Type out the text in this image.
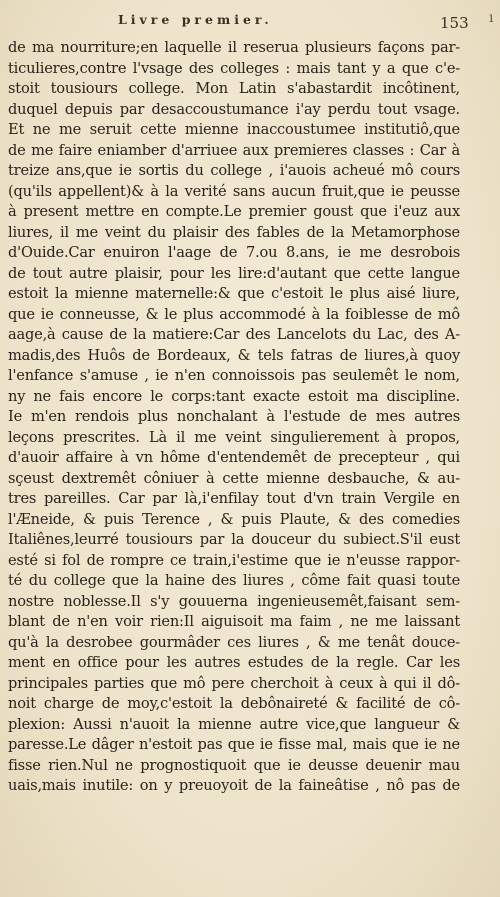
Livre premier.	153 ı
de ma nourriture;en laquelle il reserua plusieurs façons par-
ticulieres,contre l'vsage des colleges : mais tant y a que c'e-
stoit tousiours college. Mon Latin s'abastardit incôtinent,
duquel depuis par desaccoustumance i'ay perdu tout vsage.
Et ne me seruit cette mienne inaccoustumee institutiô,que
de me faire eniamber d'arriuee aux premieres classes : Car à
treize ans,que ie sortis du college , i'auois acheué mô cours
(qu'ils appellent)& à la verité sans aucun fruit,que ie peusse
à present mettre en compte.Le premier goust que i'euz aux
liures, il me veint du plaisir des fables de la Metamorphose
d'Ouide.Car enuiron l'aage de 7.ou 8.ans, ie me desrobois
de tout autre plaisir, pour les lire:d'autant que cette langue
estoit la mienne maternelle:& que c'estoit le plus aisé liure,
que ie conneusse, & le plus accommodé à la foiblesse de mô
aage,à cause de la matiere:Car des Lancelots du Lac, des A-
madis,des Huôs de Bordeaux, & tels fatras de liures,à quoy
l'enfance s'amuse , ie n'en connoissois pas seulemêt le nom,
ny ne fais encore le corps:tant exacte estoit ma discipline.
Ie m'en rendois plus nonchalant à l'estude de mes autres
leçons prescrites. Là il me veint singulierement à propos,
d'auoir affaire à vn hôme d'entendemêt de precepteur , qui
sçeust dextremêt côniuer à cette mienne desbauche, & au-
tres pareilles. Car par là,i'enfilay tout d'vn train Vergile en
l'Æneide, & puis Terence , & puis Plaute, & des comedies
Italiênes,leurré tousiours par la douceur du subiect.S'il eust
esté si fol de rompre ce train,i'estime que ie n'eusse rappor-
té du college que la haine des liures , côme fait quasi toute
nostre noblesse.Il s'y gouuerna ingenieusemêt,faisant sem-
blant de n'en voir rien:Il aiguisoit ma faim , ne me laissant
qu'à la desrobee gourmâder ces liures , & me tenât douce-
ment en office pour les autres estudes de la regle. Car les
principales parties que mô pere cherchoit à ceux à qui il dô-
noit charge de moy,c'estoit la debônaireté & facilité de cô-
plexion: Aussi n'auoit la mienne autre vice,que langueur &
paresse.Le dâger n'estoit pas que ie fisse mal, mais que ie ne
fisse rien.Nul ne prognostiquoit que ie deusse deuenir mau
uais,mais inutile: on y preuoyoit de la faineâtise , nô pas de
